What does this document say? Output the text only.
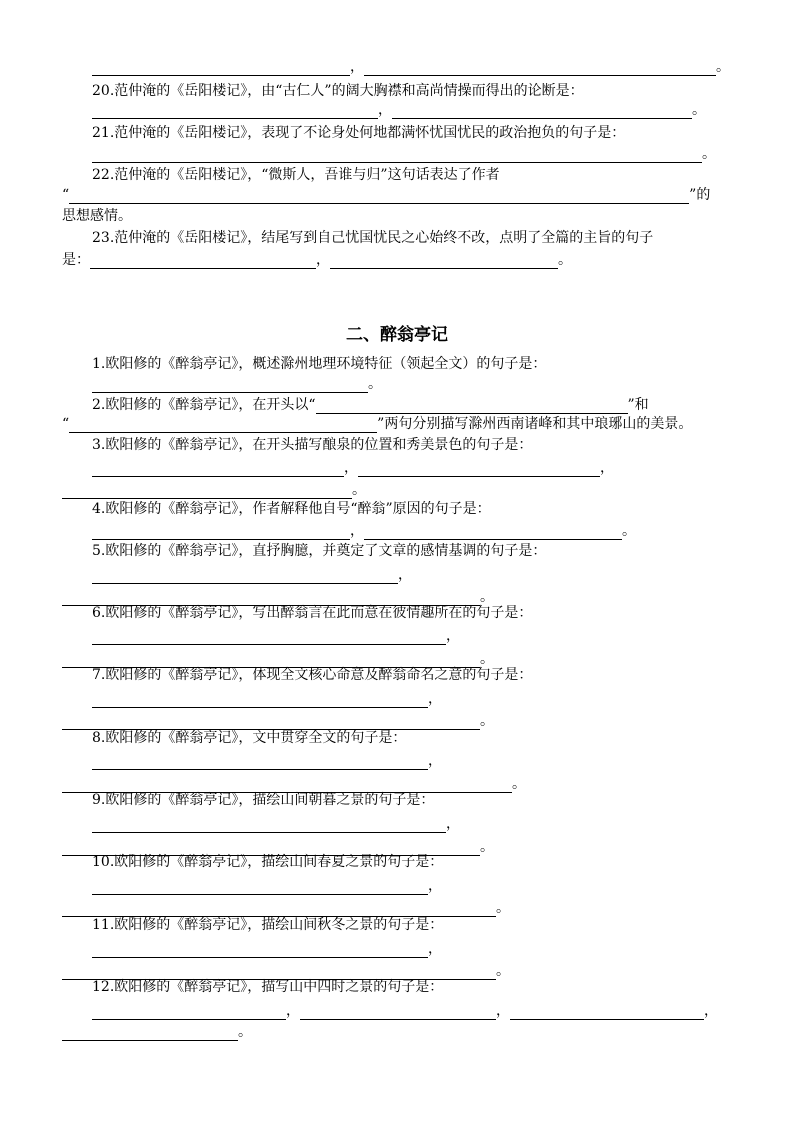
，	。
20.范仲淹的《岳阳楼记》，由“古仁人”的阔大胸襟和高尚情操而得出的论断是：
，	。
21.范仲淹的《岳阳楼记》，表现了不论身处何地都满怀忧国忧民的政治抱负的句子是：
。
22.范仲淹的《岳阳楼记》，“微斯人，吾谁与归”这句话表达了作者
“	”的
思想感情。
23.范仲淹的《岳阳楼记》，结尾写到自己忧国忧民之心始终不改，点明了全篇的主旨的句子
是：	，	。
二、醉翁亭记
1.欧阳修的《醉翁亭记》，概述滁州地理环境特征（领起全文）的句子是：
。
2.欧阳修的《醉翁亭记》，在开头以“	”和
“	”两句分别描写滁州西南诸峰和其中琅琊山的美景。
3.欧阳修的《醉翁亭记》，在开头描写酿泉的位置和秀美景色的句子是：
，	，
。
4.欧阳修的《醉翁亭记》，作者解释他自号“醉翁”原因的句子是：
，	。
5.欧阳修的《醉翁亭记》，直抒胸臆，并奠定了文章的感情基调的句子是：
，
。
6.欧阳修的《醉翁亭记》，写出醉翁言在此而意在彼情趣所在的句子是：
，
。
7.欧阳修的《醉翁亭记》，体现全文核心命意及醉翁命名之意的句子是：
，
。
8.欧阳修的《醉翁亭记》，文中贯穿全文的句子是：
，
。
9.欧阳修的《醉翁亭记》，描绘山间朝暮之景的句子是：
，
。
10.欧阳修的《醉翁亭记》，描绘山间春夏之景的句子是：
，
。
11.欧阳修的《醉翁亭记》，描绘山间秋冬之景的句子是：
，
。
12.欧阳修的《醉翁亭记》，描写山中四时之景的句子是：
，	，	，
。
